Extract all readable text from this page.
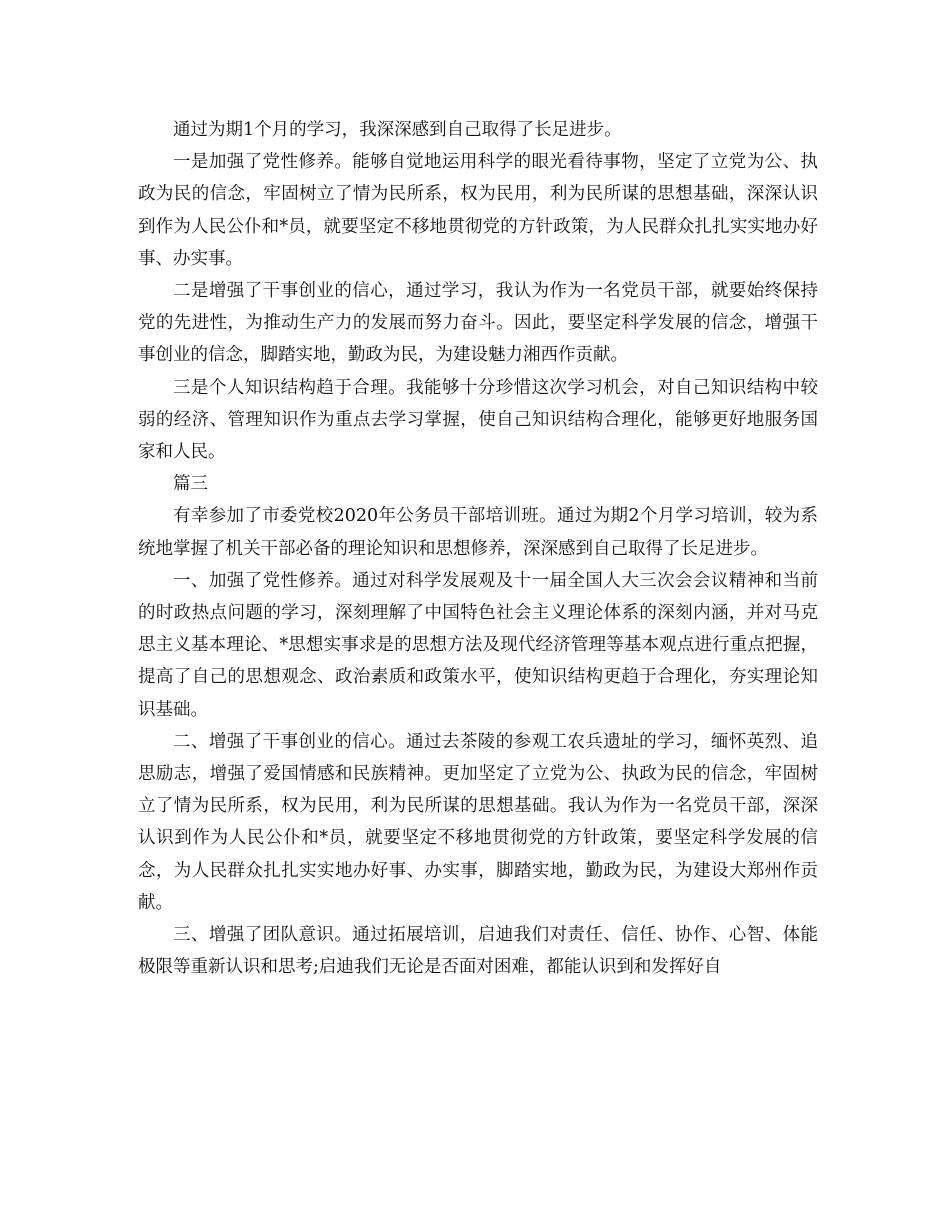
通过为期1个月的学习，我深深感到自己取得了长足进步。

一是加强了党性修养。能够自觉地运用科学的眼光看待事物，坚定了立党为公、执政为民的信念，牢固树立了情为民所系，权为民用，利为民所谋的思想基础，深深认识到作为人民公仆和*员，就要坚定不移地贯彻党的方针政策，为人民群众扎扎实实地办好事、办实事。

二是增强了干事创业的信心，通过学习，我认为作为一名党员干部，就要始终保持党的先进性，为推动生产力的发展而努力奋斗。因此，要坚定科学发展的信念，增强干事创业的信念，脚踏实地，勤政为民，为建设魅力湘西作贡献。

三是个人知识结构趋于合理。我能够十分珍惜这次学习机会，对自己知识结构中较弱的经济、管理知识作为重点去学习掌握，使自己知识结构合理化，能够更好地服务国家和人民。

篇三

有幸参加了市委党校2020年公务员干部培训班。通过为期2个月学习培训，较为系统地掌握了机关干部必备的理论知识和思想修养，深深感到自己取得了长足进步。

一、加强了党性修养。通过对科学发展观及十一届全国人大三次会会议精神和当前的时政热点问题的学习，深刻理解了中国特色社会主义理论体系的深刻内涵，并对马克思主义基本理论、*思想实事求是的思想方法及现代经济管理等基本观点进行重点把握，提高了自己的思想观念、政治素质和政策水平，使知识结构更趋于合理化，夯实理论知识基础。

二、增强了干事创业的信心。通过去茶陵的参观工农兵遗址的学习，缅怀英烈、追思励志，增强了爱国情感和民族精神。更加坚定了立党为公、执政为民的信念，牢固树立了情为民所系，权为民用，利为民所谋的思想基础。我认为作为一名党员干部，深深认识到作为人民公仆和*员，就要坚定不移地贯彻党的方针政策，要坚定科学发展的信念，为人民群众扎扎实实地办好事、办实事，脚踏实地，勤政为民，为建设大郑州作贡献。

三、增强了团队意识。通过拓展培训，启迪我们对责任、信任、协作、心智、体能极限等重新认识和思考;启迪我们无论是否面对困难，都能认识到和发挥好自
